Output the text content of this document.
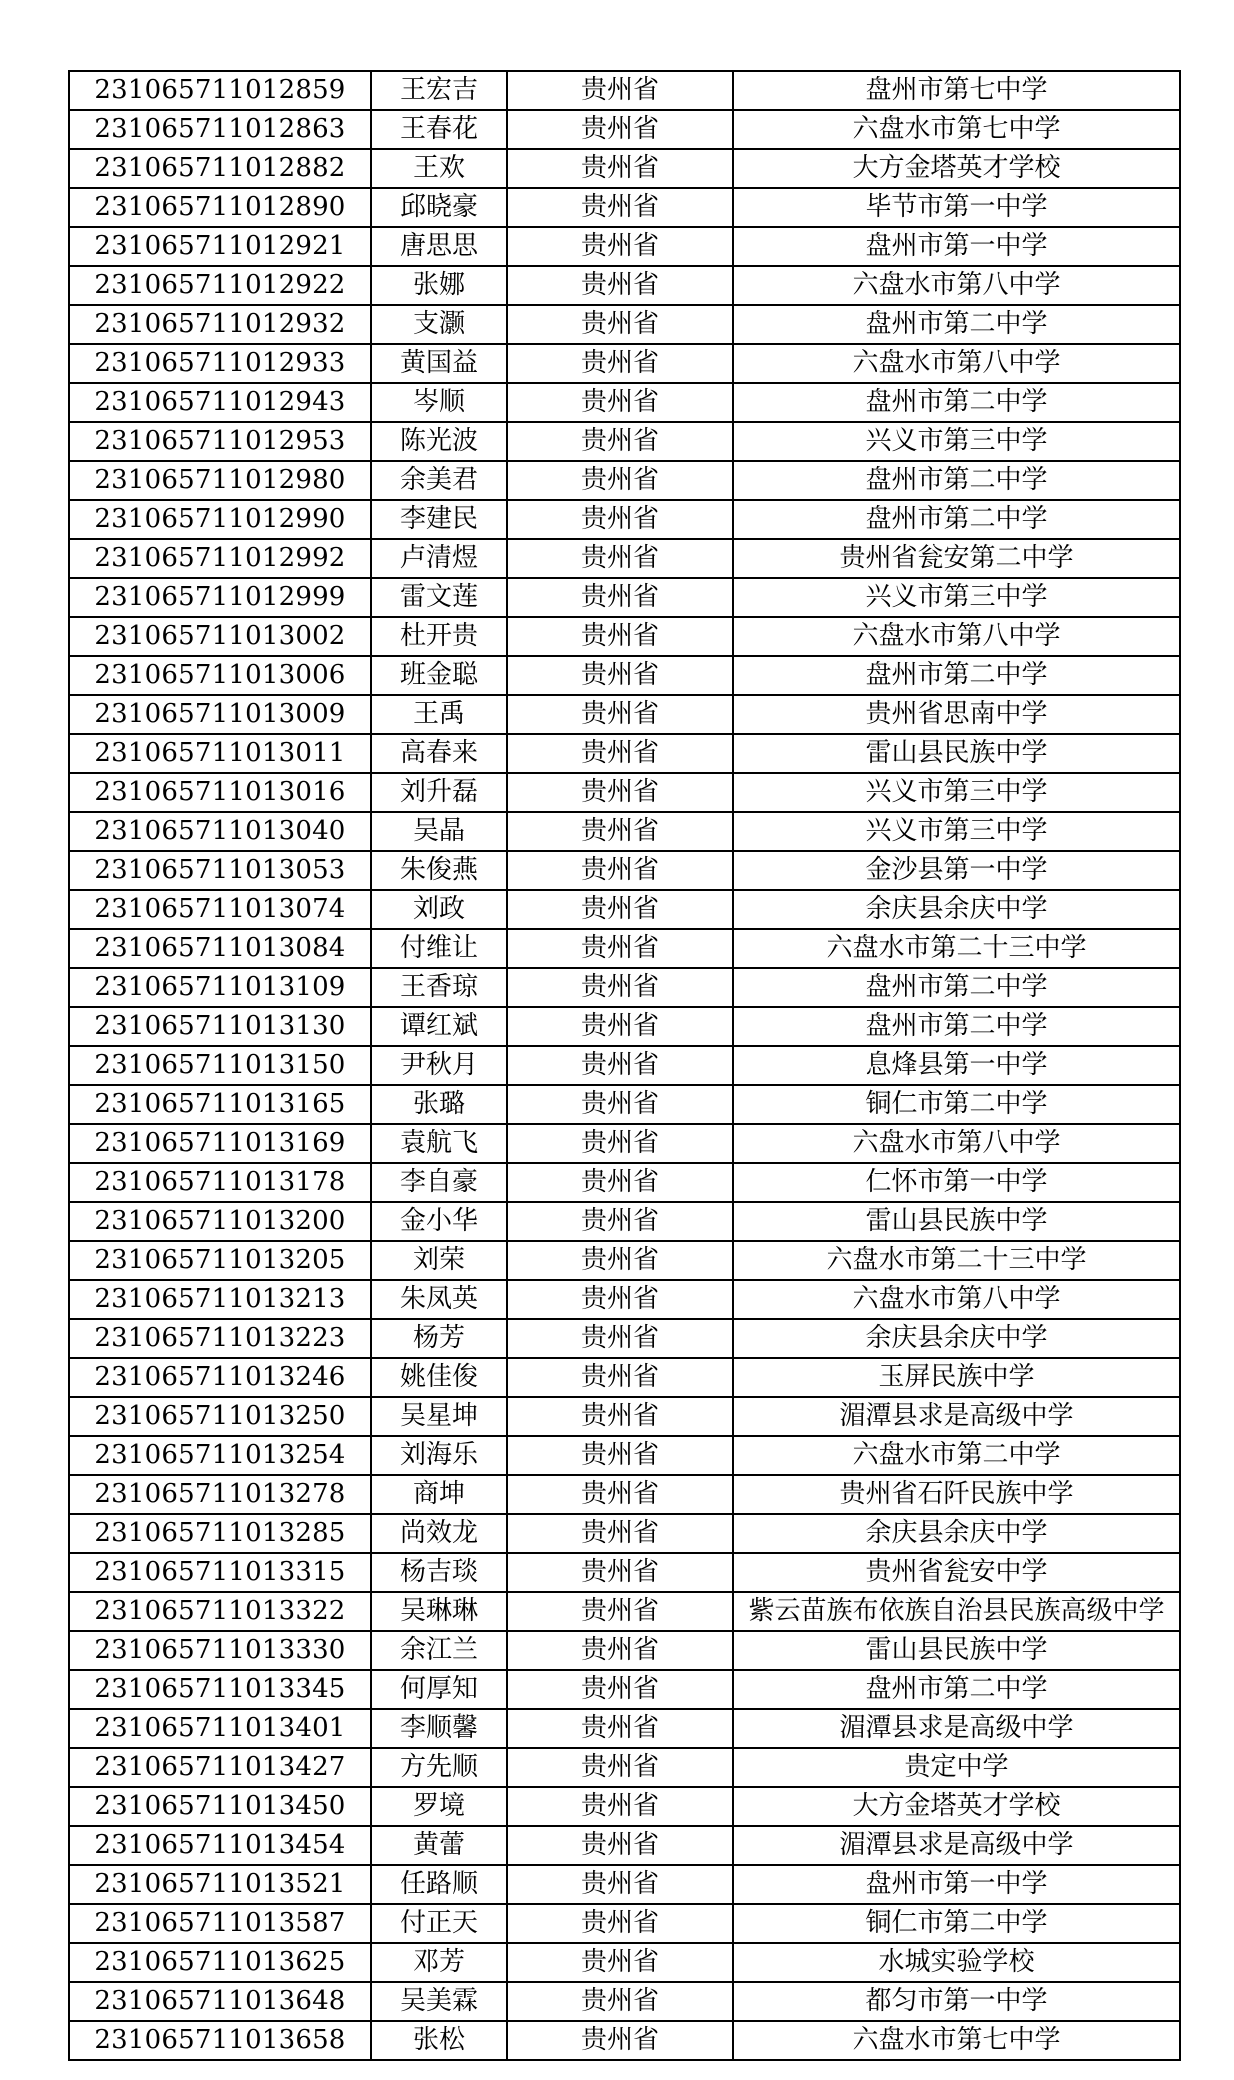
231065711012859	王宏吉	贵州省	盘州市第七中学
231065711012863	王春花	贵州省	六盘水市第七中学
231065711012882	王欢	贵州省	大方金塔英才学校
231065711012890	邱晓豪	贵州省	毕节市第一中学
231065711012921	唐思思	贵州省	盘州市第一中学
231065711012922	张娜	贵州省	六盘水市第八中学
231065711012932	支灏	贵州省	盘州市第二中学
231065711012933	黄国益	贵州省	六盘水市第八中学
231065711012943	岑顺	贵州省	盘州市第二中学
231065711012953	陈光波	贵州省	兴义市第三中学
231065711012980	余美君	贵州省	盘州市第二中学
231065711012990	李建民	贵州省	盘州市第二中学
231065711012992	卢清煜	贵州省	贵州省瓮安第二中学
231065711012999	雷文莲	贵州省	兴义市第三中学
231065711013002	杜开贵	贵州省	六盘水市第八中学
231065711013006	班金聪	贵州省	盘州市第二中学
231065711013009	王禹	贵州省	贵州省思南中学
231065711013011	高春来	贵州省	雷山县民族中学
231065711013016	刘升磊	贵州省	兴义市第三中学
231065711013040	吴晶	贵州省	兴义市第三中学
231065711013053	朱俊燕	贵州省	金沙县第一中学
231065711013074	刘政	贵州省	余庆县余庆中学
231065711013084	付维让	贵州省	六盘水市第二十三中学
231065711013109	王香琼	贵州省	盘州市第二中学
231065711013130	谭红斌	贵州省	盘州市第二中学
231065711013150	尹秋月	贵州省	息烽县第一中学
231065711013165	张璐	贵州省	铜仁市第二中学
231065711013169	袁航飞	贵州省	六盘水市第八中学
231065711013178	李自豪	贵州省	仁怀市第一中学
231065711013200	金小华	贵州省	雷山县民族中学
231065711013205	刘荣	贵州省	六盘水市第二十三中学
231065711013213	朱凤英	贵州省	六盘水市第八中学
231065711013223	杨芳	贵州省	余庆县余庆中学
231065711013246	姚佳俊	贵州省	玉屏民族中学
231065711013250	吴星坤	贵州省	湄潭县求是高级中学
231065711013254	刘海乐	贵州省	六盘水市第二中学
231065711013278	商坤	贵州省	贵州省石阡民族中学
231065711013285	尚效龙	贵州省	余庆县余庆中学
231065711013315	杨吉琰	贵州省	贵州省瓮安中学
231065711013322	吴琳琳	贵州省	紫云苗族布依族自治县民族高级中学
231065711013330	余江兰	贵州省	雷山县民族中学
231065711013345	何厚知	贵州省	盘州市第二中学
231065711013401	李顺馨	贵州省	湄潭县求是高级中学
231065711013427	方先顺	贵州省	贵定中学
231065711013450	罗境	贵州省	大方金塔英才学校
231065711013454	黄蕾	贵州省	湄潭县求是高级中学
231065711013521	任路顺	贵州省	盘州市第一中学
231065711013587	付正天	贵州省	铜仁市第二中学
231065711013625	邓芳	贵州省	水城实验学校
231065711013648	吴美霖	贵州省	都匀市第一中学
231065711013658	张松	贵州省	六盘水市第七中学
